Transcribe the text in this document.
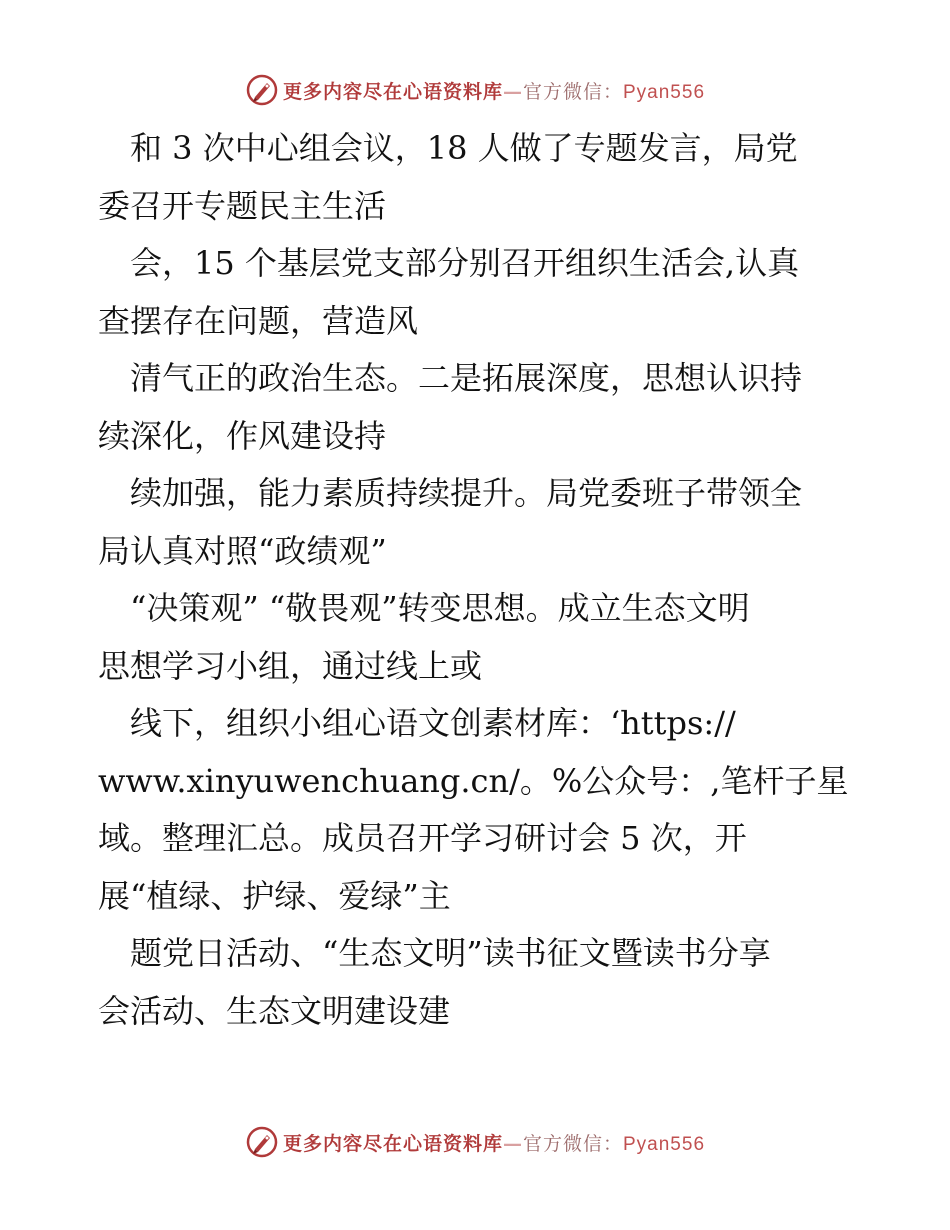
更多内容尽在心语资料库—官方微信：Pyan556

　和 3 次中心组会议，18 人做了专题发言，局党
委召开专题民主生活
　会，15 个基层党支部分别召开组织生活会,认真
查摆存在问题，营造风
　清气正的政治生态。二是拓展深度，思想认识持
续深化，作风建设持
　续加强，能力素质持续提升。局党委班子带领全
局认真对照“政绩观”
　“决策观” “敬畏观”转变思想。成立生态文明
思想学习小组，通过线上或
　线下，组织小组心语文创素材库：‘https://
www.xinyuwenchuang.cn/。%公众号：,笔杆子星
域。整理汇总。成员召开学习研讨会 5 次，开
展“植绿、护绿、爱绿”主
　题党日活动、“生态文明”读书征文暨读书分享
会活动、生态文明建设建

更多内容尽在心语资料库—官方微信：Pyan556
